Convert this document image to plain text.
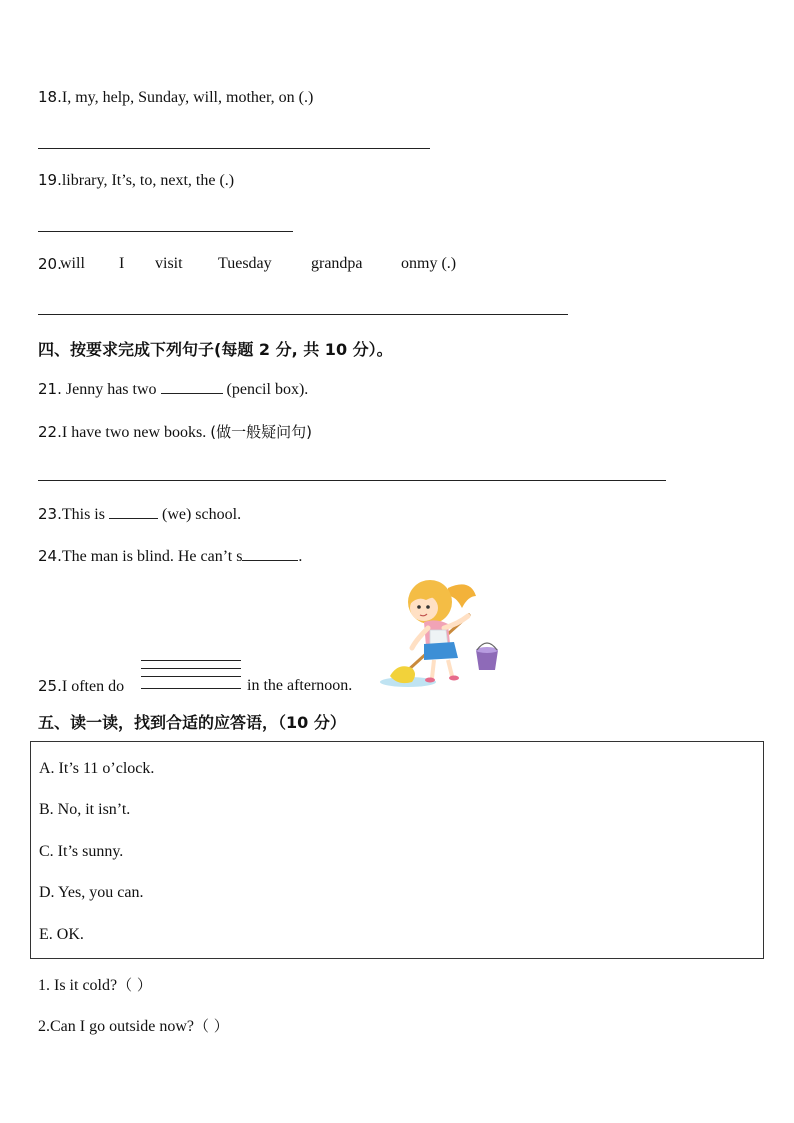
18.I, my, help, Sunday, will, mother, on (.)
19.library, It’s, to, next, the (.)
20.
will I visit Tuesday grandpa onmy (.)
四、按要求完成下列句子(每题 2 分, 共 10 分）。
21. Jenny has two	(pencil box).
22.I have two new books. (做一般疑问句)
23.This is	(we) school.
24.The man is blind. He can’t s	.
25.I often do	in the afternoon.
五、读一读，找到合适的应答语，（10 分）
A. It’s 11 o’clock.
B. No, it isn’t.
C. It’s sunny.
D. Yes, you can.
E. OK.
1. Is it cold?（ ）
2.Can I go outside now?（ ）
